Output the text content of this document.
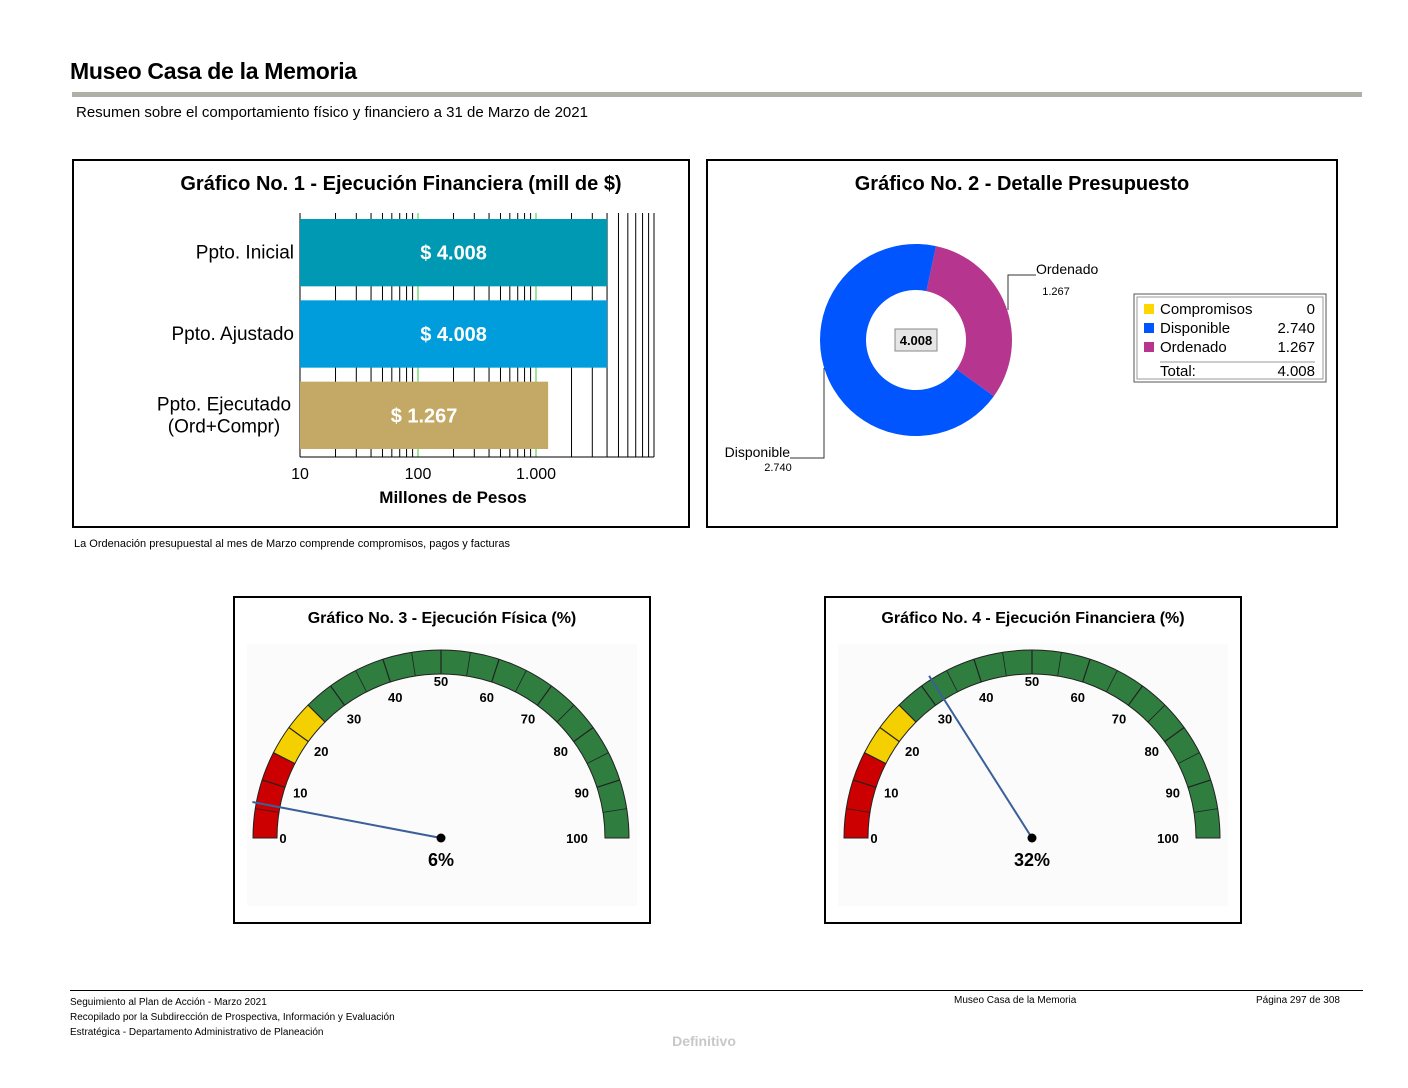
Museo Casa de la Memoria
Resumen sobre el comportamiento físico y financiero a 31 de Marzo de 2021
Gráfico No. 1 - Ejecución Financiera (mill de $)
10	100	1.000
Millones de Pesos
$ 4.008
Ppto. Inicial
$ 4.008
Ppto. Ajustado
$ 1.267
Ppto. Ejecutado
(Ord+Compr)
Gráfico No. 2 - Detalle Presupuesto
4.008
Ordenado
1.267
Disponible
2.740
Compromisos	0
Disponible	2.740
Ordenado	1.267
Total:	4.008
La Ordenación presupuestal al mes de Marzo comprende compromisos, pagos y facturas
Gráfico No. 3 - Ejecución Física (%)
0
10
20
30
40
50
60
70
80
90
100
6%
Gráfico No. 4 - Ejecución Financiera (%)
0
10
20
30
40
50
60
70
80
90
100
32%
Seguimiento al Plan de Acción - Marzo 2021
Recopilado por la Subdirección de Prospectiva, Información y Evaluación
Estratégica - Departamento Administrativo de Planeación
Museo Casa de la Memoria	Página 297 de 308
Definitivo
